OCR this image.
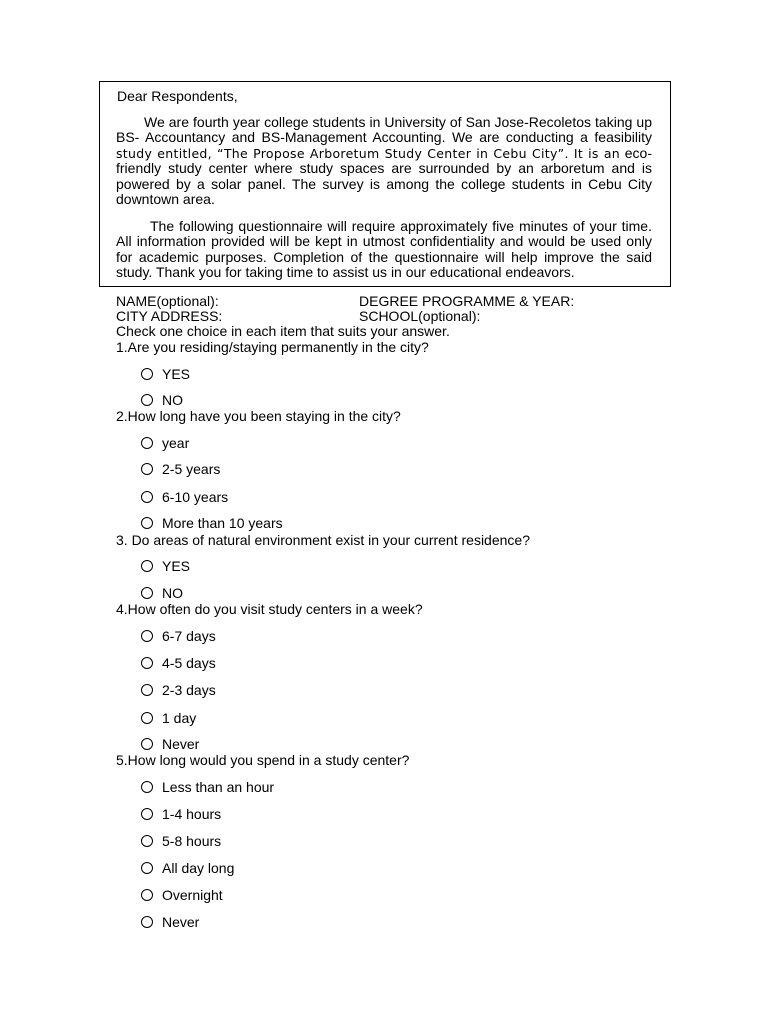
Dear Respondents,

We are fourth year college students in University of San Jose-Recoletos taking up BS- Accountancy and BS-Management Accounting. We are conducting a feasibility study entitled, “The Propose Arboretum Study Center in Cebu City”. It is an eco-friendly study center where study spaces are surrounded by an arboretum and is powered by a solar panel. The survey is among the college students in Cebu City downtown area.

The following questionnaire will require approximately five minutes of your time. All information provided will be kept in utmost confidentiality and would be used only for academic purposes. Completion of the questionnaire will help improve the said study. Thank you for taking time to assist us in our educational endeavors.

NAME(optional):	DEGREE PROGRAMME & YEAR:

CITY ADDRESS:	SCHOOL(optional):

Check one choice in each item that suits your answer.

1.Are you residing/staying permanently in the city?

YES
NO

2.How long have you been staying in the city?

year
2-5 years
6-10 years
More than 10 years

3. Do areas of natural environment exist in your current residence?

YES
NO

4.How often do you visit study centers in a week?

6-7 days
4-5 days
2-3 days
1 day
Never

5.How long would you spend in a study center?

Less than an hour
1-4 hours
5-8 hours
All day long
Overnight
Never
